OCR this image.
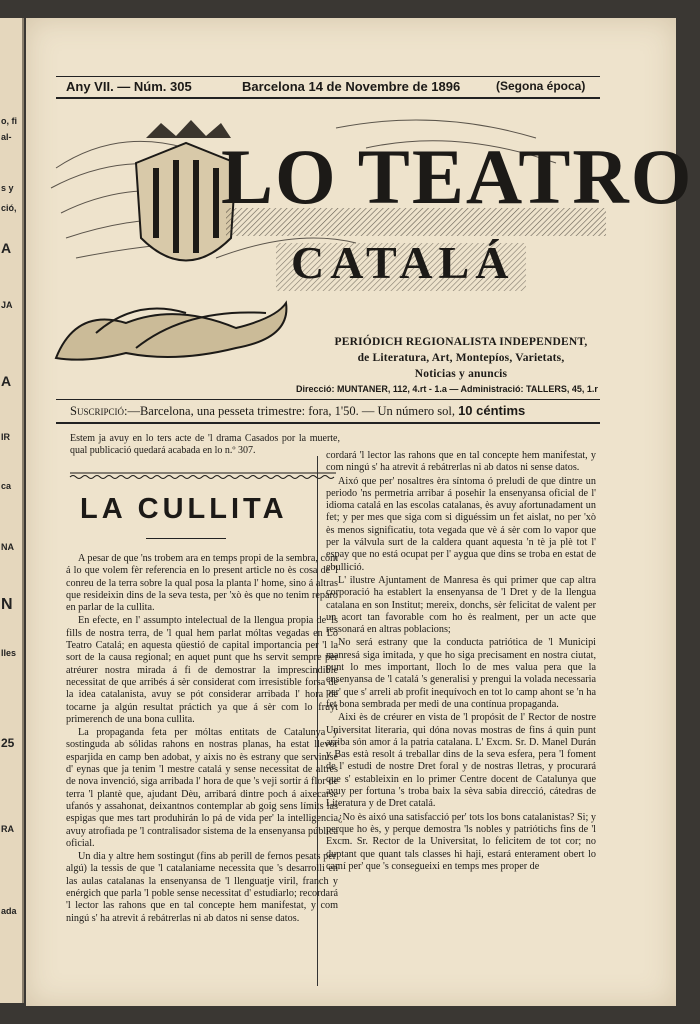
o, fi
al-
s y
ció,
A
JA
A
IR
ca
NA
N
lles
25
RA
ada
Any VII. — Núm. 305	Barcelona 14 de Novembre de 1896	(Segona época)
LO TEATRO
CATALÁ
PERIÓDICH REGIONALISTA INDEPENDENT,
de Literatura, Art, Montepíos, Varietats,
Noticias y anuncis
Direcció: MUNTANER, 112, 4.rt - 1.a — Administració: TALLERS, 45, 1.r
Suscripció:—Barcelona, una pesseta trimestre: fora, 1'50. — Un número sol, 10 céntims
Estem ja avuy en lo ters acte de 'l drama Casados por la muerte, qual publicació quedará acabada en lo n.º 307.
LA CULLITA

A pesar de que 'ns trobem ara en temps propi de la sembra, com á lo que volem fèr referencia en lo present article no ès cosa de 'l conreu de la terra sobre la qual posa la planta l' home, sino á altras que resideixin dins de la seva testa, per 'xò ès que no tenim reparo en parlar de la cullita.

En efecte, en l' assumpto intelectual de la llengua propia de 'ls fills de nostra terra, de 'l qual hem parlat móltas vegadas en Lo Teatro Catalá; en aquesta qüestió de capital importancia per 'l la sort de la causa regional; en aquet punt que hs servit sempre per atréurer nostra mirada á fi de demostrar la imprescindible necessitat de que arribés á sèr considerat com irresistible forsa de la idea catalanista, avuy se pót considerar arribada l' hora de tocarne ja algún resultat práctich ya que á sèr com lo fruyt primerench de una bona cullita.

La propaganda feta per móltas entitats de Catalunya y sostinguda ab sólidas rahons en nostras planas, ha estat llevòr esparjida en camp ben adobat, y aixis no ès estrany que servintse d' eynas que ja tenim 'l mestre catalá y sense necessitat de altres de nova invenció, siga arribada l' hora de que 's veji sortir á flor de terra 'l plantè que, ajudant Dèu, arribará dintre poch á aixecarse ufanós y assahonat, deixantnos contemplar ab goig sens límits las espigas que mes tart produhirán lo pá de vida per' la intelligencia avuy atrofiada pe 'l contralisador sistema de la ensenyansa pública oficial.

Un dia y altre hem sostingut (fins ab perill de fernos pesats per' algú) la tessis de que 'l catalaniame necessita que 's desarrolli en las aulas catalanas la ensenyansa de 'l llenguatje viril, franch y enérgich que parla 'l poble sense necessitat d' estudiarlo; recordará 'l lector las rahons que en tal concepte hem manifestat, y com ningú s' ha atrevit á rebátrerlas ni ab datos ni sense datos.

cordará 'l lector las rahons que en tal concepte hem manifestat, y com ningú s' ha atrevit á rebátrerlas ni ab datos ni sense datos.

Aixó que per' nosaltres èra síntoma ó preludi de que dintre un periodo 'ns permetria arribar á posehir la ensenyansa oficial de l' idioma catalá en las escolas catalanas, ès avuy afortunadament un fet; y per mes que siga com si diguéssim un fet aislat, no per 'xò ès menos significatiu, tota vegada que vè á sèr com lo vapor que per la válvula surt de la caldera quant aquesta 'n tè ja plè tot l' espay que no está ocupat per l' aygua que dins se troba en estat de ebullició.

L' ilustre Ajuntament de Manresa ès qui primer que cap altra corporació ha establert la ensenyansa de 'l Dret y de la llengua catalana en son Institut; mereix, donchs, sèr felicitat de valent per un acort tan favorable com ho ès realment, per un acte que ressonará en altras poblacions;

No será estrany que la conducta patriótica de 'l Municipi manresá siga imitada, y que ho siga precisament en nostra ciutat, punt lo mes important, lloch lo de mes valua pera que la ensenyansa de 'l catalá 's generalisi y prengui la volada necessaria per' que s' arreli ab profit inequívoch en tot lo camp ahont se 'n ha fet bona sembrada per medi de una contínua propaganda.

Aixi ès de créurer en vista de 'l propósit de l' Rector de nostre Universitat literaria, qui dóna novas mostras de fins á quin punt arriba són amor á la patria catalana. L' Excm. Sr. D. Manel Durán y Bas està resolt á treballar dins de la seva esfera, pera 'l foment de l' estudi de nostre Dret foral y de nostras lletras, y procurará que s' estableixin en lo primer Centre docent de Catalunya que avuy per fortuna 's troba baix la sèva sabia direcció, cátedras de Literatura y de Dret catalá.

¿No ès aixó una satisfacció per' tots los bons catalanistas? Si; y perque ho ès, y perque demostra 'ls nobles y patriótichs fins de 'l Excm. Sr. Rector de la Universitat, lo felicitem de tot cor; no duptant que quant tals classes hi haji, estará enterament obert lo camí per' que 's consegueixi en temps mes proper de
